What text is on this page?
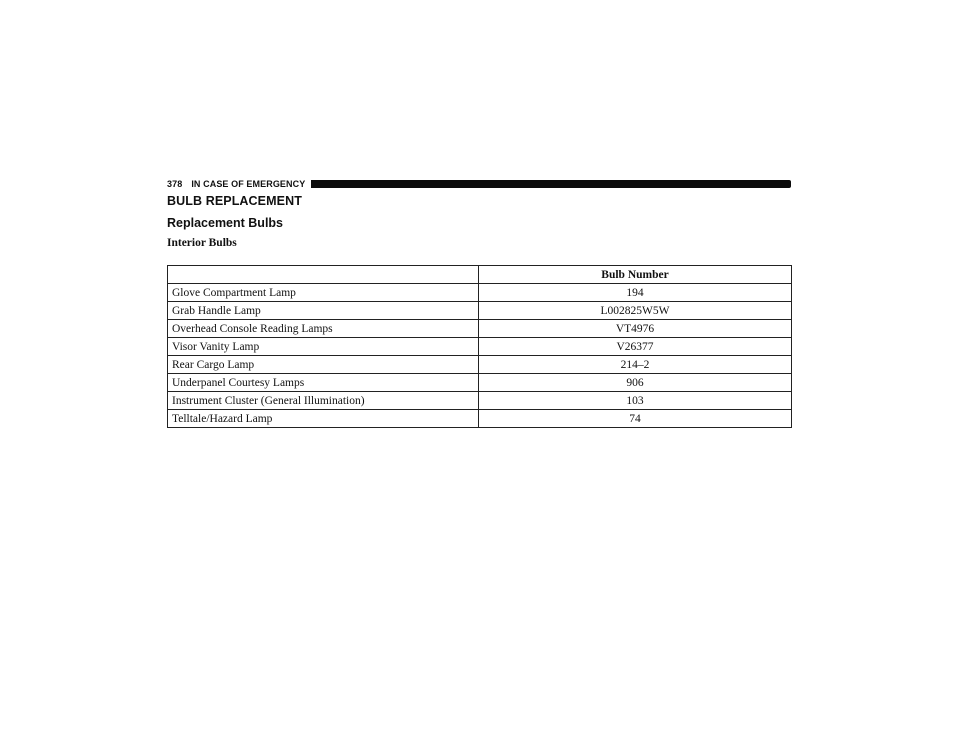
378 IN CASE OF EMERGENCY
BULB REPLACEMENT
Replacement Bulbs
Interior Bulbs
	Bulb Number
Glove Compartment Lamp	194
Grab Handle Lamp	L002825W5W
Overhead Console Reading Lamps	VT4976
Visor Vanity Lamp	V26377
Rear Cargo Lamp	214–2
Underpanel Courtesy Lamps	906
Instrument Cluster (General Illumination)	103
Telltale/Hazard Lamp	74
